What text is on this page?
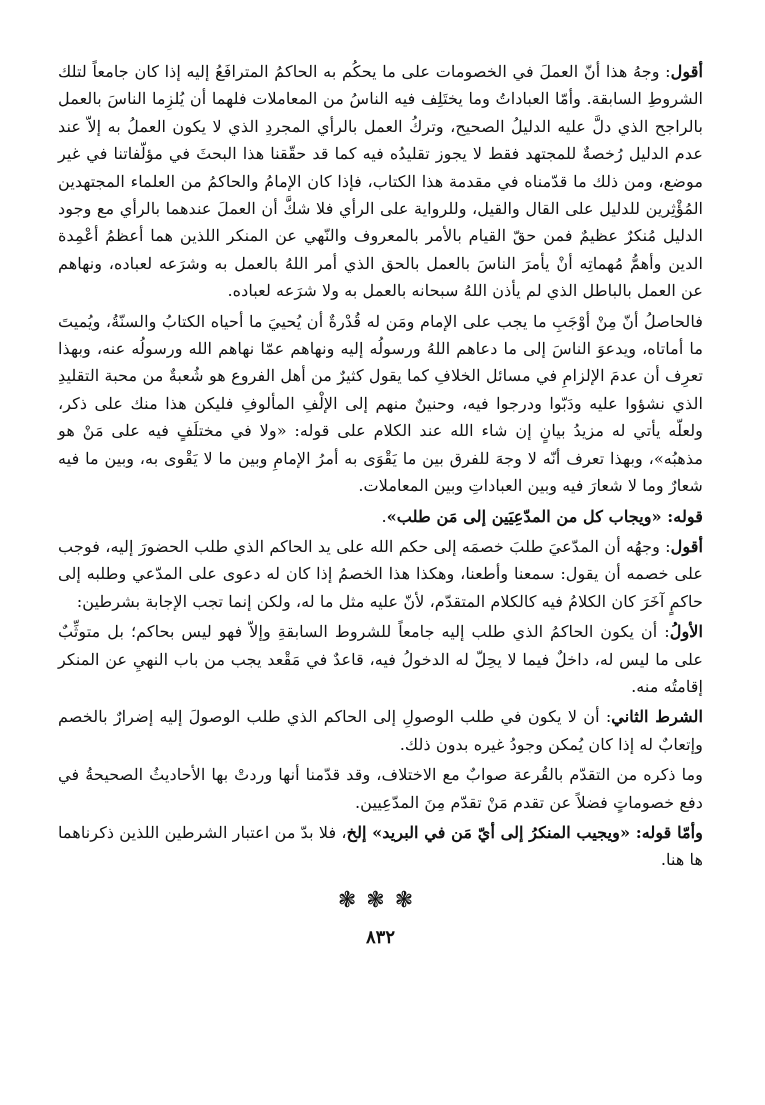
أقول: وجهُ هذا أنّ العملَ في الخصومات على ما يحكُم به الحاكمُ المترافَعُ إليه إذا كان جامعاً لتلك الشروطِ السابقة. وأمّا العباداتُ وما يختَلِف فيه الناسُ من المعاملات فلهما أن يُلزِما الناسَ بالعمل بالراجح الذي دلَّ عليه الدليلُ الصحيح، وتركُ العمل بالرأي المجردِ الذي لا يكون العملُ به إلاّ عند عدم الدليل رُخصةٌ للمجتهد فقط لا يجوز تقليدُه فيه كما قد حقّقنا هذا البحثَ في مؤلّفاتنا في غير موضع، ومن ذلك ما قدّمناه في مقدمة هذا الكتاب، فإذا كان الإمامُ والحاكمُ من العلماء المجتهدين المُؤْثِرين للدليل على القال والقيل، وللرواية على الرأي فلا شكَّ أن العملَ عندهما بالرأي مع وجود الدليل مُنكرٌ عظيمٌ فمن حقّ القيام بالأمر بالمعروف والنّهي عن المنكر اللذين هما أعظمُ أعْمِدة الدين وأهمُّ مُهماتِه أنْ يأمرَ الناسَ بالعمل بالحق الذي أمر اللهُ بالعمل به وشرَعه لعباده، ونهاهم عن العمل بالباطل الذي لم يأذن اللهُ سبحانه بالعمل به ولا شرَعه لعباده.

فالحاصلُ أنّ مِنْ أوْجَبِ ما يجب على الإمام ومَن له قُدْرةٌ أن يُحييَ ما أحياه الكتابُ والسنّةُ، ويُميتَ ما أماتاه، ويدعوَ الناسَ إلى ما دعاهم اللهُ ورسولُه إليه ونهاهم عمّا نهاهم الله ورسولُه عنه، وبهذا تعرِف أن عدمَ الإلزامِ في مسائل الخلافِ كما يقول كثيرٌ من أهل الفروع هو شُعبةٌ من محبة التقليدِ الذي نشؤوا عليه ودَبّوا ودرجوا فيه، وحنينٌ منهم إلى الإلْفِ المألوفِ فليكن هذا منك على ذكر، ولعلّه يأتي له مزيدُ بيانٍ إن شاء الله عند الكلام على قوله: «ولا في مختلَفٍ فيه على مَنْ هو مذهبُه»، وبهذا تعرف أنّه لا وجهَ للفرق بين ما يَقْوَى به أمرُ الإمامِ وبين ما لا يَقْوى به، وبين ما فيه شعارٌ وما لا شعارَ فيه وبين العباداتِ وبين المعاملات.

قوله: «ويجاب كل من المدّعِيَين إلى مَن طلب».

أقول: وجهُه أن المدّعيَ طلبَ خصمَه إلى حكم الله على يد الحاكم الذي طلب الحضورَ إليه، فوجب على خصمه أن يقول: سمعنا وأطعنا، وهكذا هذا الخصمُ إذا كان له دعوى على المدّعي وطلبه إلى حاكمٍ آخَرَ كان الكلامُ فيه كالكلام المتقدّم، لأنّ عليه مثل ما له، ولكن إنما تجب الإجابة بشرطين:

الأولُ: أن يكون الحاكمُ الذي طلب إليه جامعاً للشروط السابقةِ وإلاّ فهو ليس بحاكم؛ بل متوثِّبٌ على ما ليس له، داخلٌ فيما لا يحِلّ له الدخولُ فيه، قاعدٌ في مَقْعد يجب من باب النهيِ عن المنكر إقامتُه منه.

الشرط الثاني: أن لا يكون في طلب الوصولِ إلى الحاكم الذي طلب الوصولَ إليه إضرارٌ بالخصم وإتعابٌ له إذا كان يُمكن وجودُ غيره بدون ذلك.

وما ذكره من التقدّم بالقُرعة صوابٌ مع الاختلاف، وقد قدّمنا أنها وردتْ بها الأحاديثُ الصحيحةُ في دفع خصوماتٍ فضلاً عن تقدم مَنْ تقدّم مِنَ المدّعِيين.

وأمّا قوله: «ويجيب المنكرُ إلى أيّ مَن في البريد» إلخ، فلا بدّ من اعتبار الشرطين اللذين ذكرناهما ها هنا.

❃❃❃
٨٣٢
